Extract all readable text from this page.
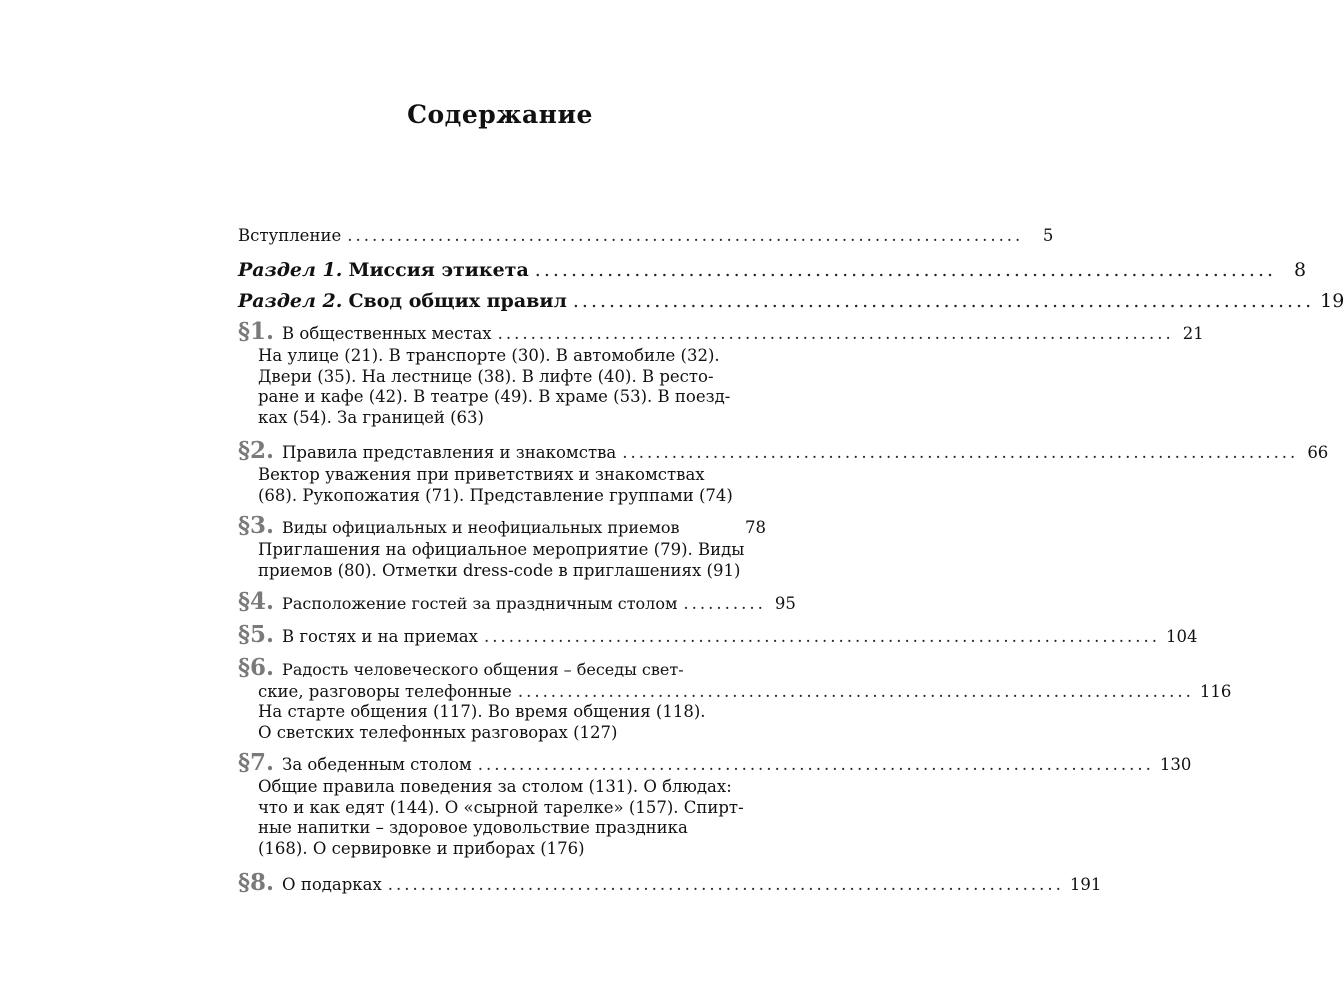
Содержание
Вступление ..................................................................................	5
Раздел 1. Миссия этикета .................................................................................. 8
Раздел 2. Свод общих правил .................................................................................. 19
§1. В общественных местах .................................................................................. 21
На улице (21). В транспорте (30). В автомобиле (32).
Двери (35). На лестнице (38). В лифте (40). В ресто-
ране и кафе (42). В театре (49). В храме (53). В поезд-
ках (54). За границей (63)
§2. Правила представления и знакомства .................................................................................. 66
Вектор уважения при приветствиях и знакомствах
(68). Рукопожатия (71). Представление группами (74)
§3. Виды официальных и неофициальных приемов	78
Приглашения на официальное мероприятие (79). Виды
приемов (80). Отметки dress-code в приглашениях (91)
§4. Расположение гостей за праздничным столом .......... 95
§5. В гостях и на приемах .................................................................................. 104
§6. Радость человеческого общения – беседы свет-
ские, разговоры телефонные .................................................................................. 116
На старте общения (117). Во время общения (118).
О светских телефонных разговорах (127)
§7. За обеденным столом .................................................................................. 130
Общие правила поведения за столом (131). О блюдах:
что и как едят (144). О «сырной тарелке» (157). Спирт-
ные напитки – здоровое удовольствие праздника
(168). О сервировке и приборах (176)
§8. О подарках .................................................................................. 191
